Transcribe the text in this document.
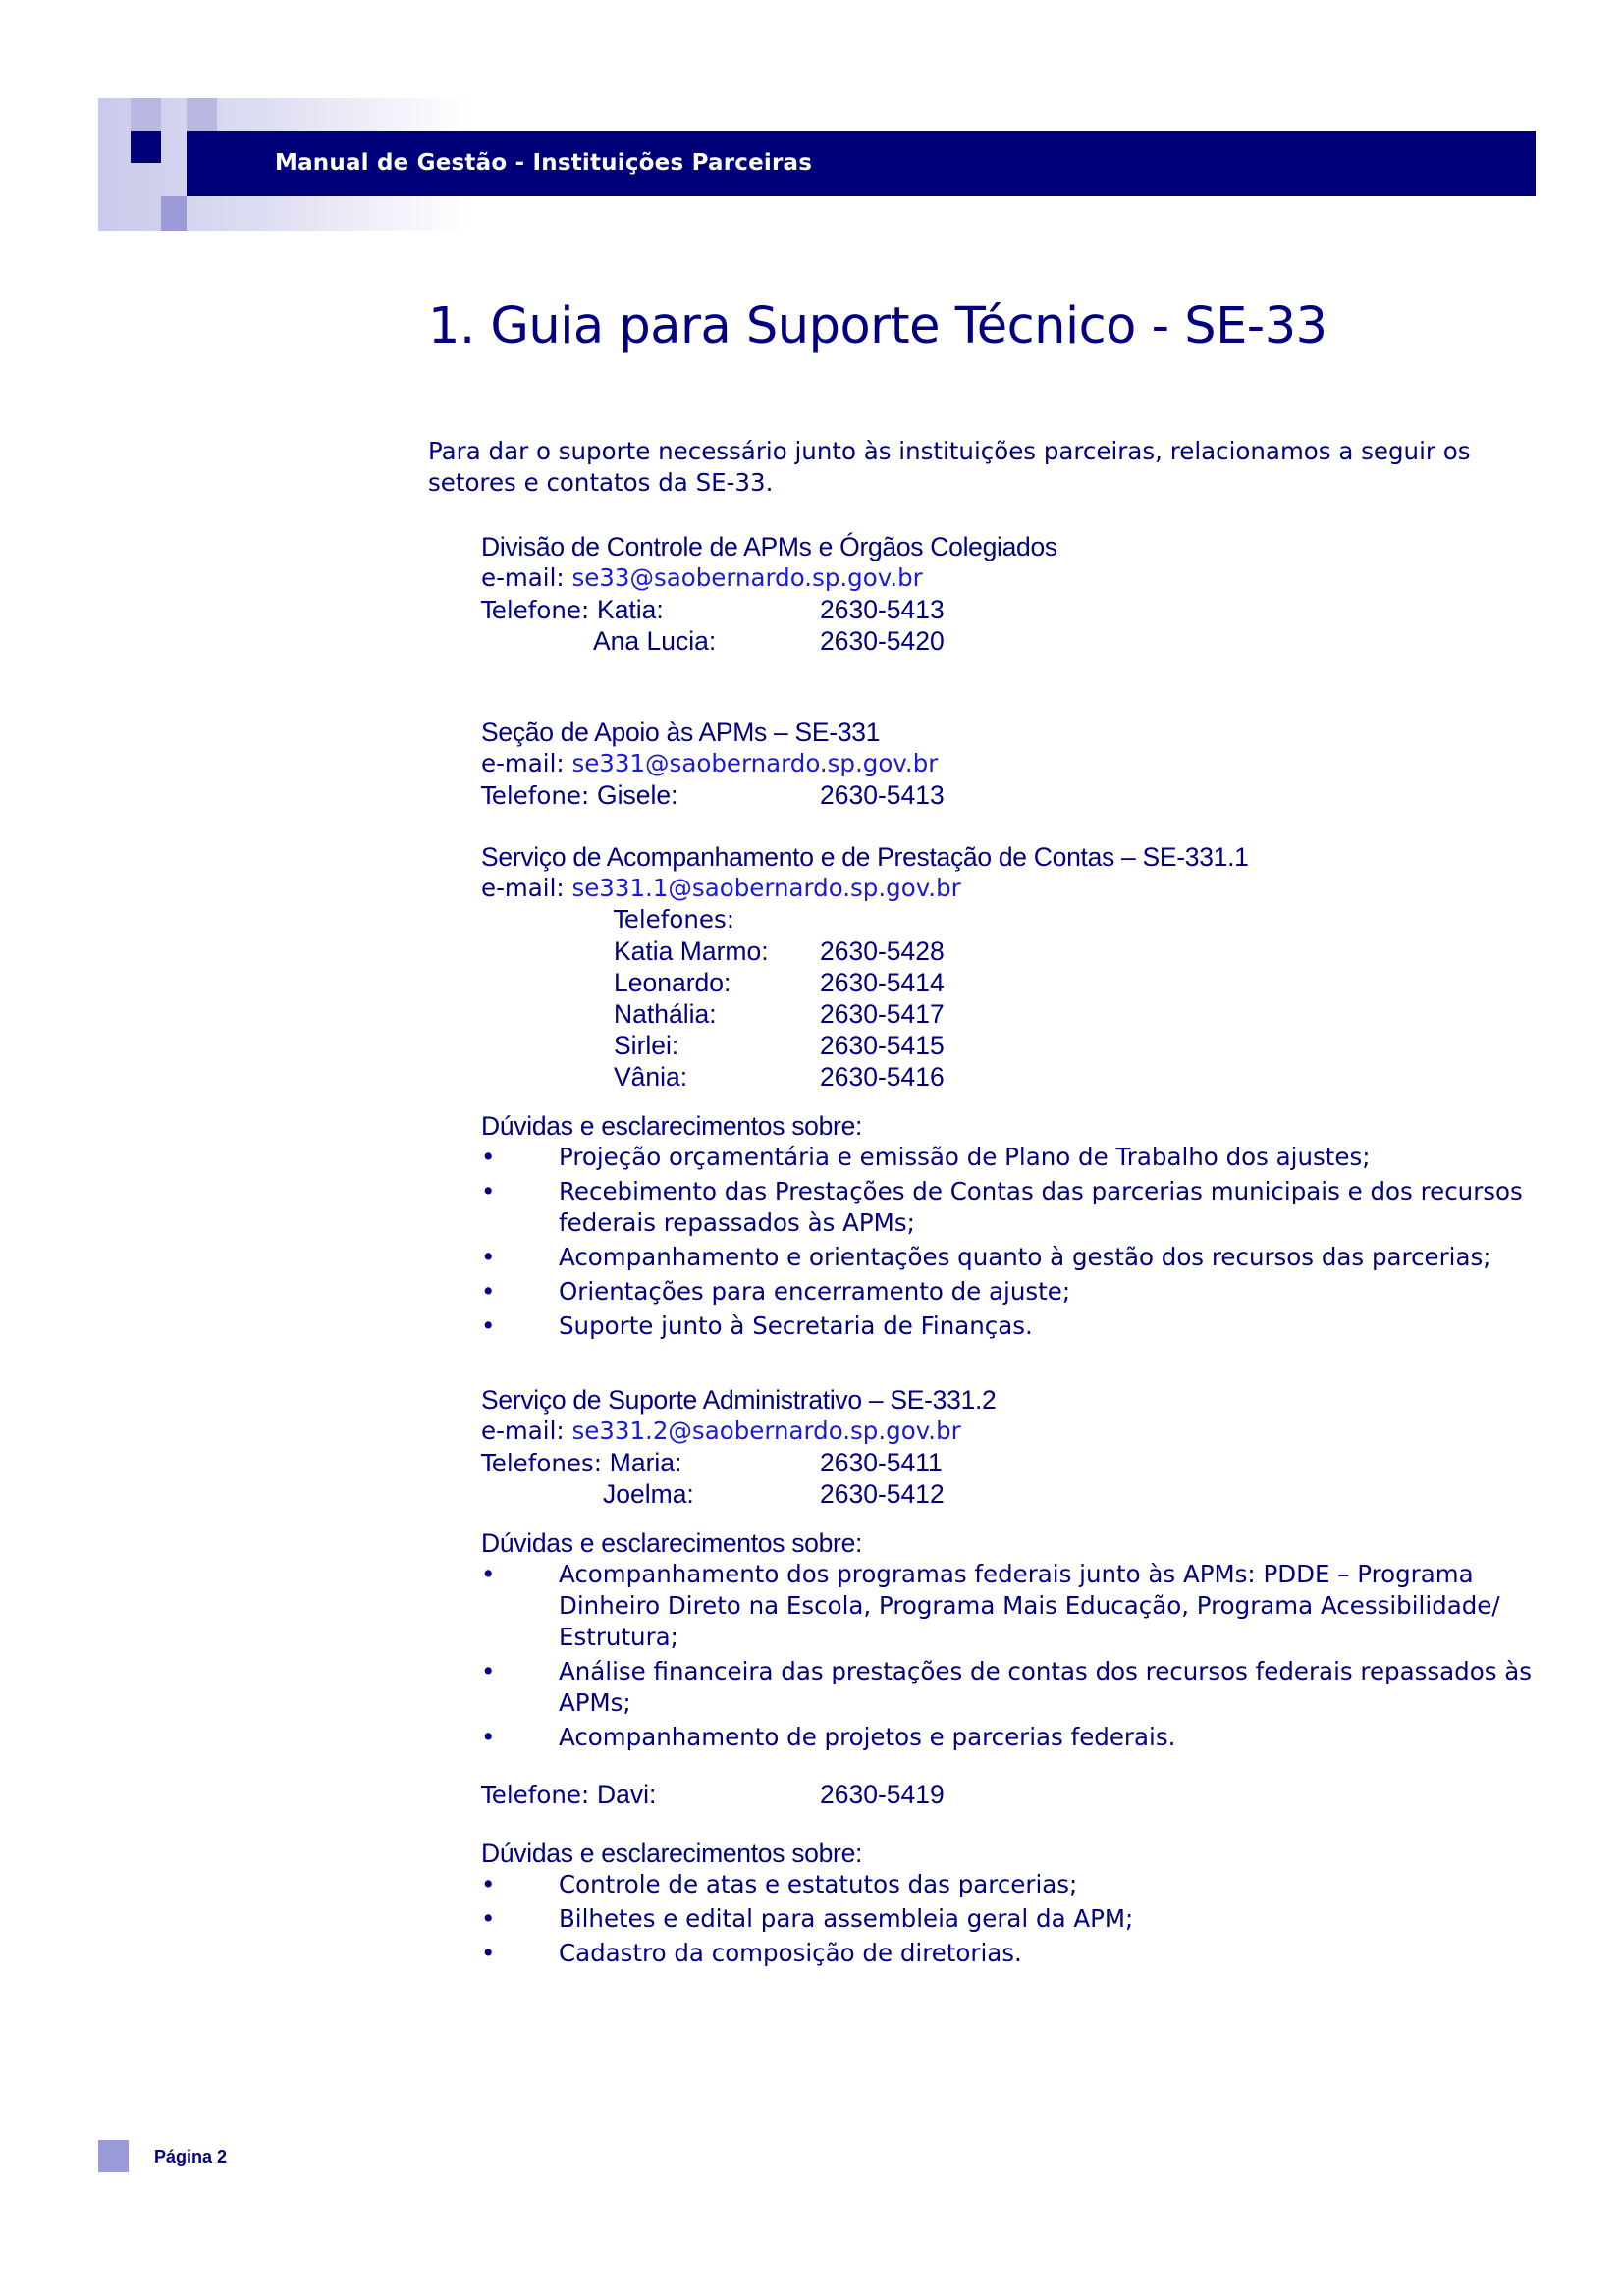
Manual de Gestão - Instituições Parceiras
1. Guia para Suporte Técnico - SE-33

Para dar o suporte necessário junto às instituições parceiras, relacionamos a seguir os setores e contatos da SE-33.

Divisão de Controle de APMs e Órgãos Colegiados
e-mail: se33@saobernardo.sp.gov.br
Telefone: Katia:	2630-5413
Ana Lucia:	2630-5420
Seção de Apoio às APMs – SE-331
e-mail: se331@saobernardo.sp.gov.br
Telefone: Gisele:	2630-5413
Serviço de Acompanhamento e de Prestação de Contas – SE-331.1
e-mail: se331.1@saobernardo.sp.gov.br
Telefones:
Katia Marmo: 2630-5428
Leonardo:	2630-5414
Nathália:	2630-5417
Sirlei:	2630-5415
Vânia:	2630-5416
Dúvidas e esclarecimentos sobre:
• Projeção orçamentária e emissão de Plano de Trabalho dos ajustes;
• Recebimento das Prestações de Contas das parcerias municipais e dos recursos federais repassados às APMs;
• Acompanhamento e orientações quanto à gestão dos recursos das parcerias;
• Orientações para encerramento de ajuste;
• Suporte junto à Secretaria de Finanças.
Serviço de Suporte Administrativo – SE-331.2
e-mail: se331.2@saobernardo.sp.gov.br
Telefones: Maria:	2630-5411
Joelma:	2630-5412
Dúvidas e esclarecimentos sobre:
• Acompanhamento dos programas federais junto às APMs: PDDE – Programa Dinheiro Direto na Escola, Programa Mais Educação, Programa Acessibilidade/ Estrutura;
• Análise financeira das prestações de contas dos recursos federais repassados às APMs;
• Acompanhamento de projetos e parcerias federais.
Telefone: Davi:	2630-5419
Dúvidas e esclarecimentos sobre:
• Controle de atas e estatutos das parcerias;
• Bilhetes e edital para assembleia geral da APM;
• Cadastro da composição de diretorias.
Página 2
